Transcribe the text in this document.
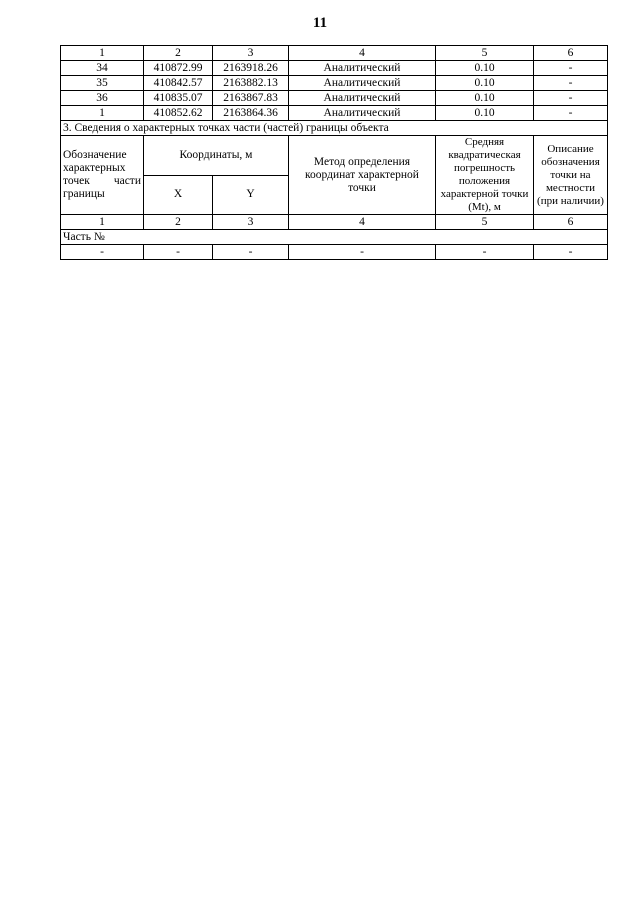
11
1	2	3	4	5	6
34	410872.99	2163918.26	Аналитический	0.10	-
35	410842.57	2163882.13	Аналитический	0.10	-
36	410835.07	2163867.83	Аналитический	0.10	-
1	410852.62	2163864.36	Аналитический	0.10	-
3. Сведения о характерных точках части (частей) границы объекта					
Обозначение характерных точек части границы	Координаты, м		Метод определения координат характерной точки	Средняя квадратическая погрешность положения характерной точки (Mt), м	Описание обозначения точки на местности (при наличии)
	X	Y			
1	2	3	4	5	6
Часть №					
-	-	-	-	-	-
